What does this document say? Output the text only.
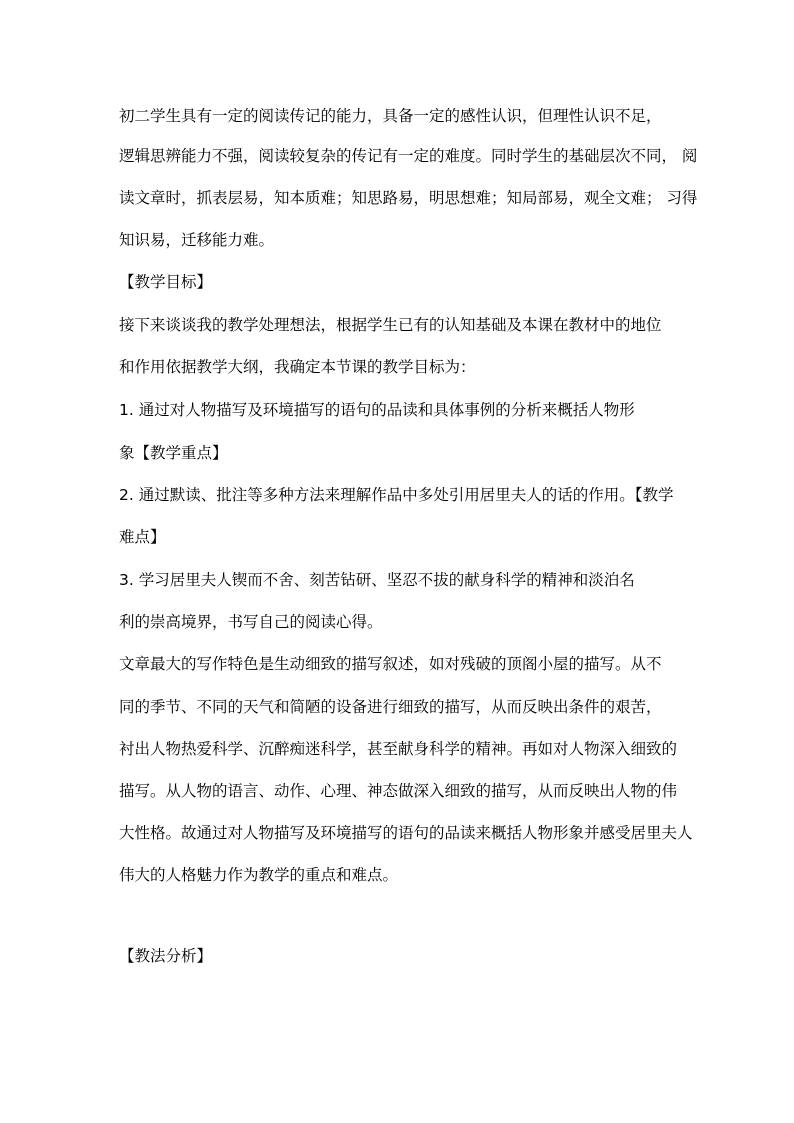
初二学生具有一定的阅读传记的能力，具备一定的感性认识，但理性认识不足，
逻辑思辨能力不强，阅读较复杂的传记有一定的难度。同时学生的基础层次不同， 阅
读文章时，抓表层易，知本质难；知思路易，明思想难；知局部易，观全文难； 习得
知识易，迁移能力难。
【教学目标】
接下来谈谈我的教学处理想法，根据学生已有的认知基础及本课在教材中的地位
和作用依据教学大纲，我确定本节课的教学目标为：
1. 通过对人物描写及环境描写的语句的品读和具体事例的分析来概括人物形
象【教学重点】
2. 通过默读、批注等多种方法来理解作品中多处引用居里夫人的话的作用。【教学
难点】
3. 学习居里夫人锲而不舍、刻苦钻研、坚忍不拔的献身科学的精神和淡泊名
利的崇高境界，书写自己的阅读心得。
文章最大的写作特色是生动细致的描写叙述，如对残破的顶阁小屋的描写。从不
同的季节、不同的天气和简陋的设备进行细致的描写，从而反映出条件的艰苦，
衬出人物热爱科学、沉醉痴迷科学，甚至献身科学的精神。再如对人物深入细致的
描写。从人物的语言、动作、心理、神态做深入细致的描写，从而反映出人物的伟
大性格。故通过对人物描写及环境描写的语句的品读来概括人物形象并感受居里夫人
伟大的人格魅力作为教学的重点和难点。
【教法分析】
